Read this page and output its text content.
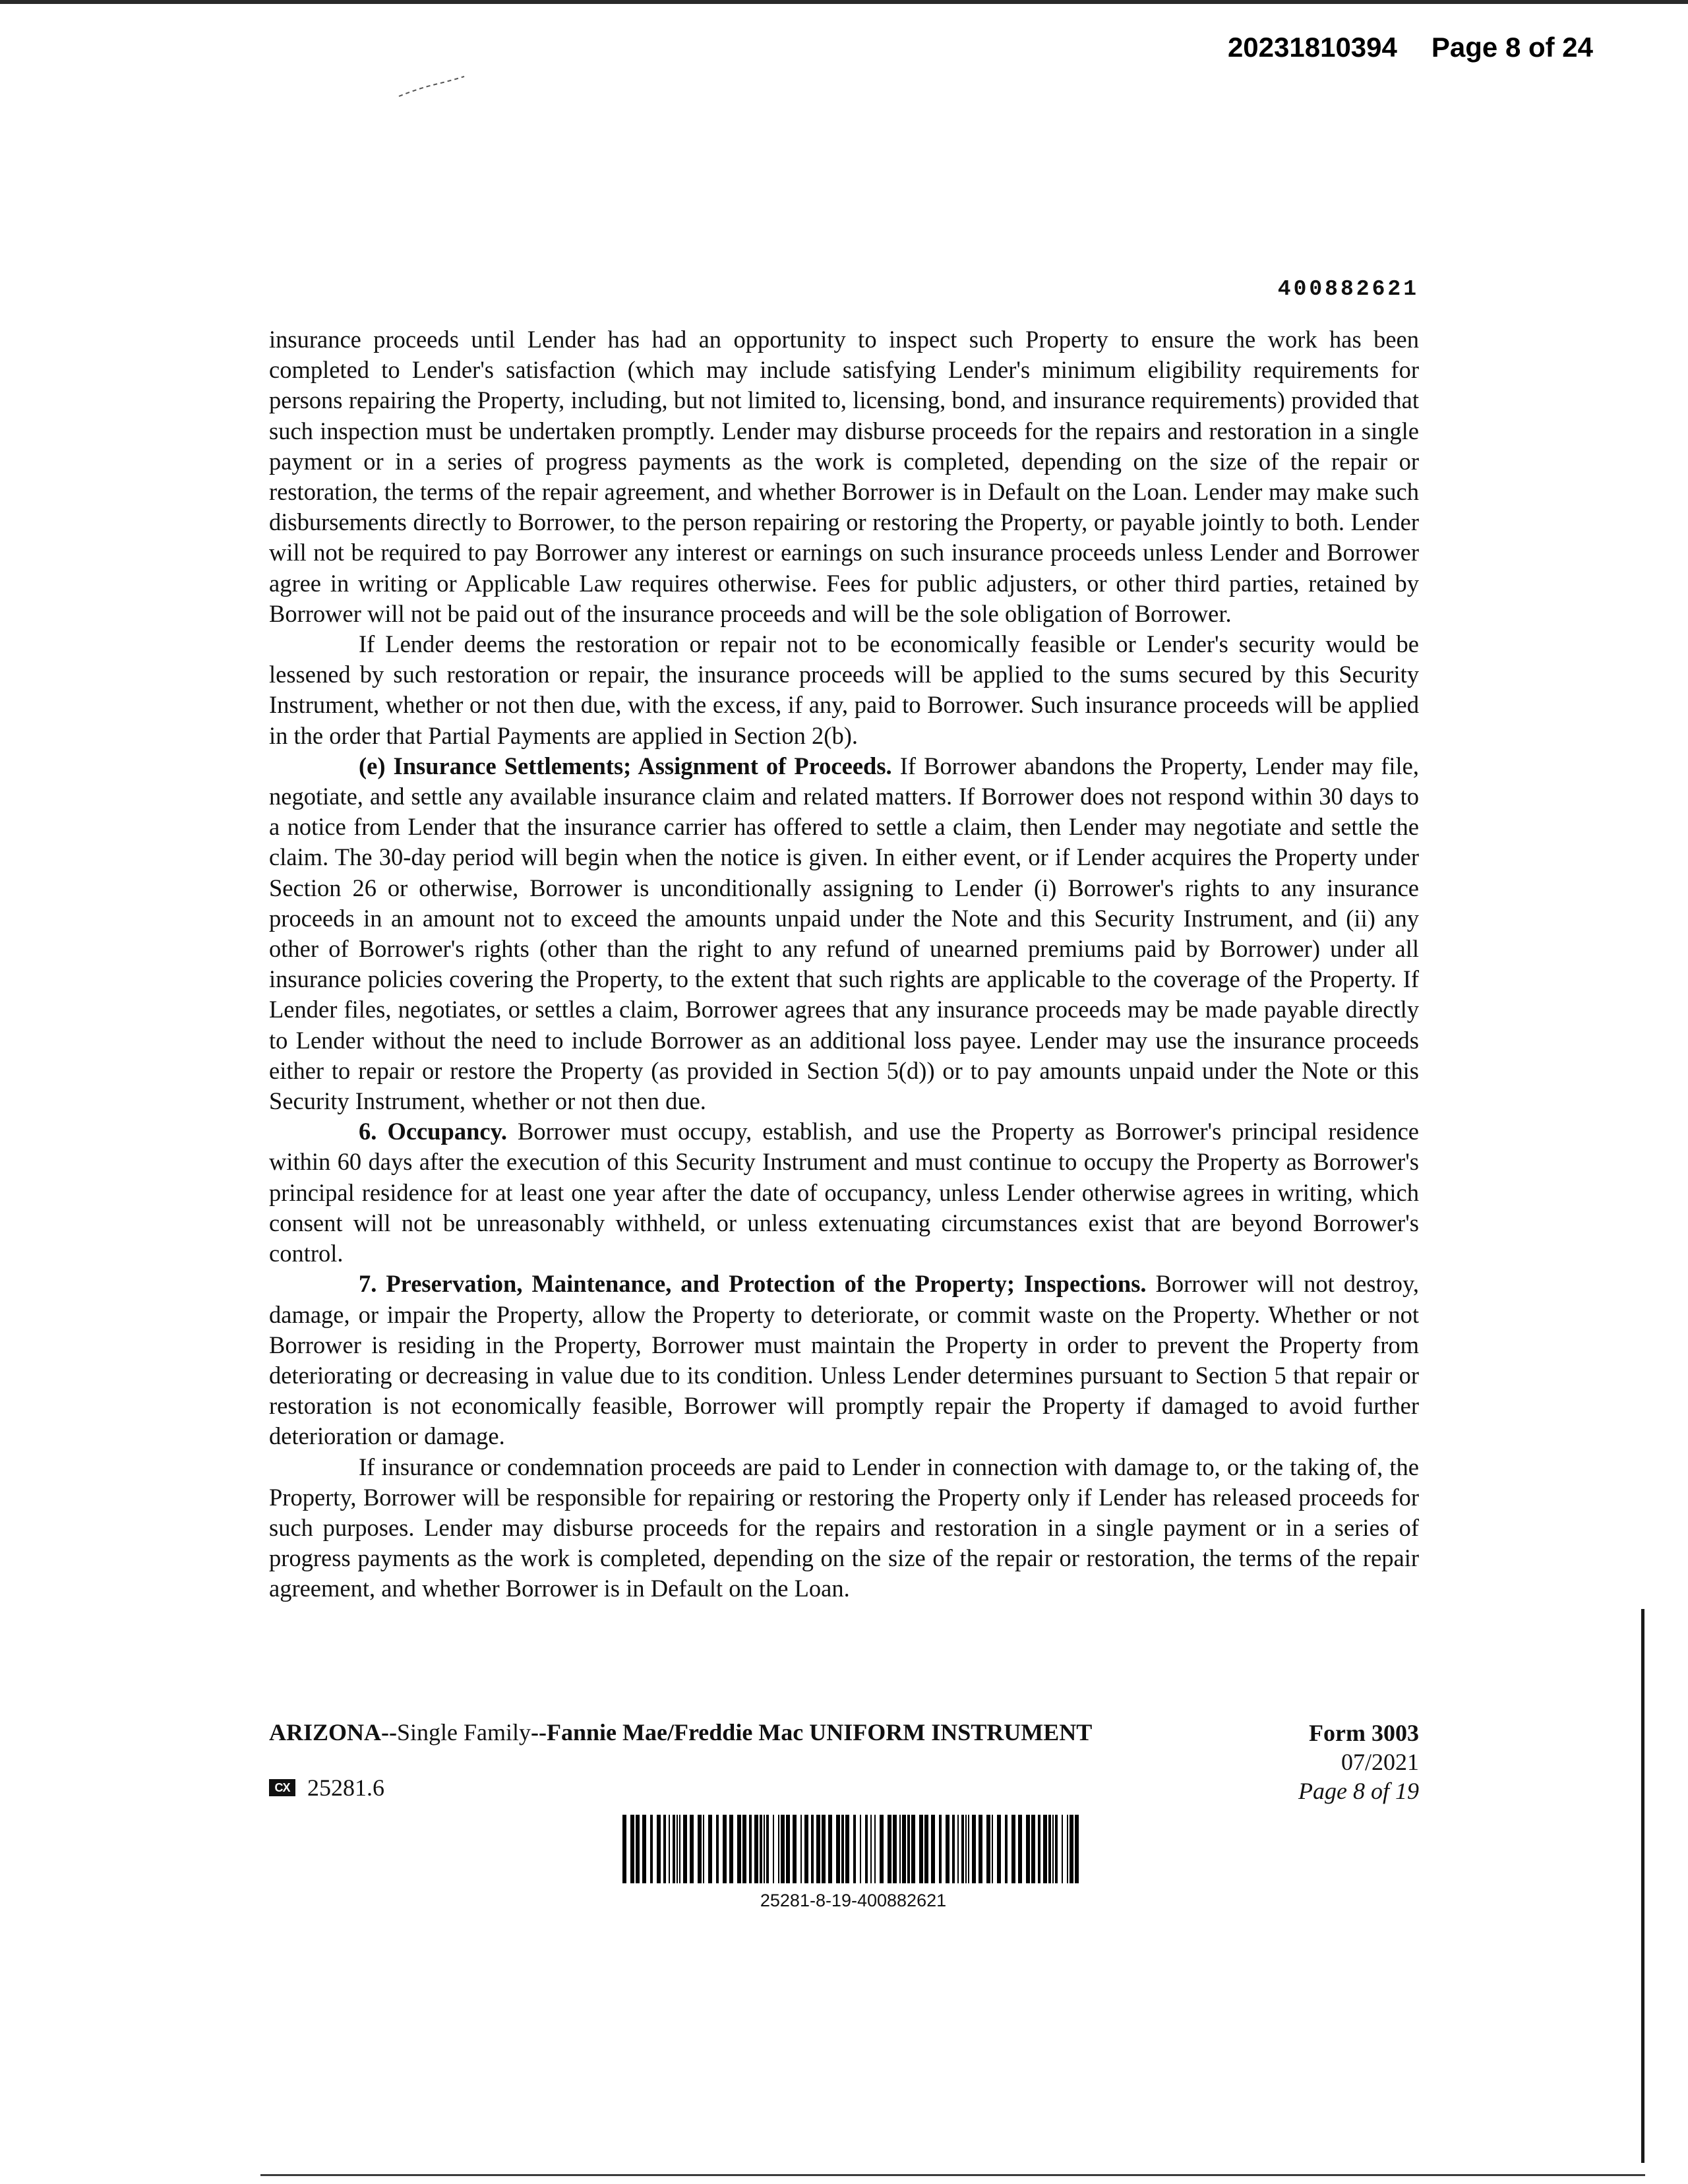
20231810394 Page 8 of 24
400882621

insurance proceeds until Lender has had an opportunity to inspect such Property to ensure the work has been completed to Lender's satisfaction (which may include satisfying Lender's minimum eligibility requirements for persons repairing the Property, including, but not limited to, licensing, bond, and insurance requirements) provided that such inspection must be undertaken promptly. Lender may disburse proceeds for the repairs and restoration in a single payment or in a series of progress payments as the work is completed, depending on the size of the repair or restoration, the terms of the repair agreement, and whether Borrower is in Default on the Loan. Lender may make such disbursements directly to Borrower, to the person repairing or restoring the Property, or payable jointly to both. Lender will not be required to pay Borrower any interest or earnings on such insurance proceeds unless Lender and Borrower agree in writing or Applicable Law requires otherwise. Fees for public adjusters, or other third parties, retained by Borrower will not be paid out of the insurance proceeds and will be the sole obligation of Borrower.

If Lender deems the restoration or repair not to be economically feasible or Lender's security would be lessened by such restoration or repair, the insurance proceeds will be applied to the sums secured by this Security Instrument, whether or not then due, with the excess, if any, paid to Borrower. Such insurance proceeds will be applied in the order that Partial Payments are applied in Section 2(b).

(e) Insurance Settlements; Assignment of Proceeds. If Borrower abandons the Property, Lender may file, negotiate, and settle any available insurance claim and related matters. If Borrower does not respond within 30 days to a notice from Lender that the insurance carrier has offered to settle a claim, then Lender may negotiate and settle the claim. The 30-day period will begin when the notice is given. In either event, or if Lender acquires the Property under Section 26 or otherwise, Borrower is unconditionally assigning to Lender (i) Borrower's rights to any insurance proceeds in an amount not to exceed the amounts unpaid under the Note and this Security Instrument, and (ii) any other of Borrower's rights (other than the right to any refund of unearned premiums paid by Borrower) under all insurance policies covering the Property, to the extent that such rights are applicable to the coverage of the Property. If Lender files, negotiates, or settles a claim, Borrower agrees that any insurance proceeds may be made payable directly to Lender without the need to include Borrower as an additional loss payee. Lender may use the insurance proceeds either to repair or restore the Property (as provided in Section 5(d)) or to pay amounts unpaid under the Note or this Security Instrument, whether or not then due.

6. Occupancy. Borrower must occupy, establish, and use the Property as Borrower's principal residence within 60 days after the execution of this Security Instrument and must continue to occupy the Property as Borrower's principal residence for at least one year after the date of occupancy, unless Lender otherwise agrees in writing, which consent will not be unreasonably withheld, or unless extenuating circumstances exist that are beyond Borrower's control.

7. Preservation, Maintenance, and Protection of the Property; Inspections. Borrower will not destroy, damage, or impair the Property, allow the Property to deteriorate, or commit waste on the Property. Whether or not Borrower is residing in the Property, Borrower must maintain the Property in order to prevent the Property from deteriorating or decreasing in value due to its condition. Unless Lender determines pursuant to Section 5 that repair or restoration is not economically feasible, Borrower will promptly repair the Property if damaged to avoid further deterioration or damage.

If insurance or condemnation proceeds are paid to Lender in connection with damage to, or the taking of, the Property, Borrower will be responsible for repairing or restoring the Property only if Lender has released proceeds for such purposes. Lender may disburse proceeds for the repairs and restoration in a single payment or in a series of progress payments as the work is completed, depending on the size of the repair or restoration, the terms of the repair agreement, and whether Borrower is in Default on the Loan.

ARIZONA--Single Family--Fannie Mae/Freddie Mac UNIFORM INSTRUMENT	Form 3003
07/2021
Page 8 of 19
CX 25281.6
25281-8-19-400882621
